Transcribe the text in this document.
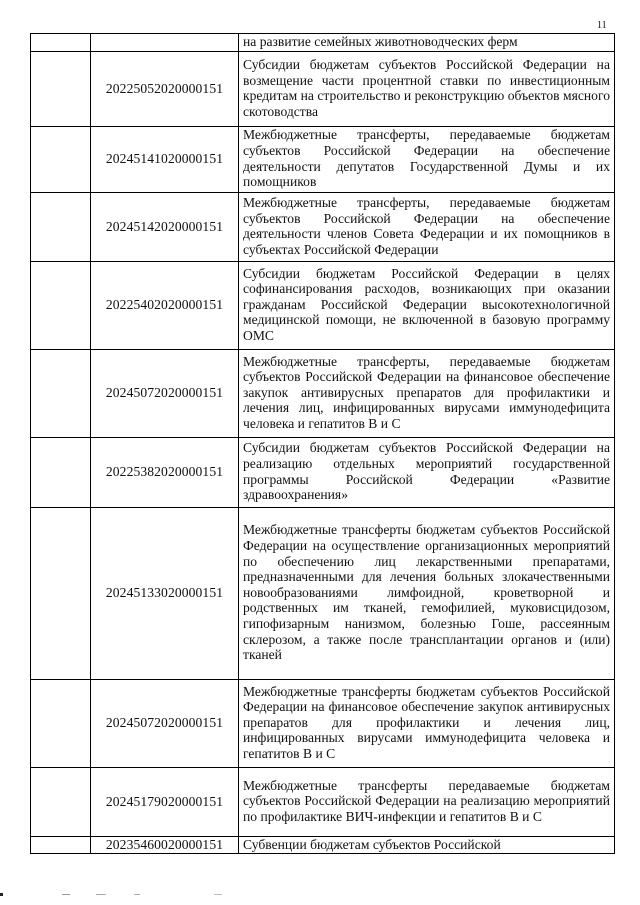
11
		на развитие семейных животноводческих ферм
	20225052020000151	Субсидии бюджетам субъектов Российской Федерации на возмещение части процентной ставки по инвестиционным кредитам на строительство и реконструкцию объектов мясного скотоводства
	20245141020000151	Межбюджетные трансферты, передаваемые бюджетам субъектов Российской Федерации на обеспечение деятельности депутатов Государственной Думы и их помощников
	20245142020000151	Межбюджетные трансферты, передаваемые бюджетам субъектов Российской Федерации на обеспечение деятельности членов Совета Федерации и их помощников в субъектах Российской Федерации
	20225402020000151	Субсидии бюджетам Российской Федерации в целях софинансирования расходов, возникающих при оказании гражданам Российской Федерации высокотехнологичной медицинской помощи, не включенной в базовую программу ОМС
	20245072020000151	Межбюджетные трансферты, передаваемые бюджетам субъектов Российской Федерации на финансовое обеспечение закупок антивирусных препаратов для профилактики и лечения лиц, инфицированных вирусами иммунодефицита человека и гепатитов В и С
	20225382020000151	Субсидии бюджетам субъектов Российской Федерации на реализацию отдельных мероприятий государственной программы Российской Федерации «Развитие здравоохранения»
	20245133020000151	Межбюджетные трансферты бюджетам субъектов Российской Федерации на осуществление организационных мероприятий по обеспечению лиц лекарственными препаратами, предназначенными для лечения больных злокачественными новообразованиями лимфоидной, кроветворной и родственных им тканей, гемофилией, муковисцидозом, гипофизарным нанизмом, болезнью Гоше, рассеянным склерозом, а также после трансплантации органов и (или) тканей
	20245072020000151	Межбюджетные трансферты бюджетам субъектов Российской Федерации на финансовое обеспечение закупок антивирусных препаратов для профилактики и лечения лиц, инфицированных вирусами иммунодефицита человека и гепатитов В и С
	20245179020000151	Межбюджетные трансферты передаваемые бюджетам субъектов Российской Федерации на реализацию мероприятий по профилактике ВИЧ-инфекции и гепатитов В и С
	20235460020000151	Субвенции бюджетам субъектов Российской
